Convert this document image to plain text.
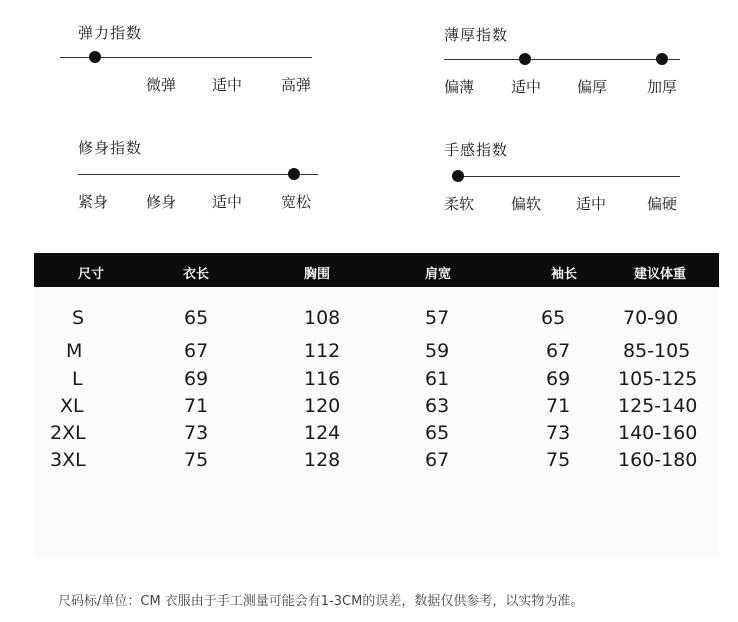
弹力指数
微弹 适中	高弹
薄厚指数
偏薄 适中 偏厚	加厚
修身指数
紧身	修身 适中	宽松
手感指数
柔软 偏软 适中	偏硬
尺寸	衣长	胸围	肩宽	袖长	建议体重
S	65	108	57	65	70-90
M	67	112	59	67	85-105
L	69	116	61	69	105-125
XL	71	120	63	71	125-140
2XL	73	124	65	73	140-160
3XL	75	128	67	75	160-180
尺码标/单位：CM 衣服由于手工测量可能会有1-3CM的误差，数据仅供参考，以实物为准。
